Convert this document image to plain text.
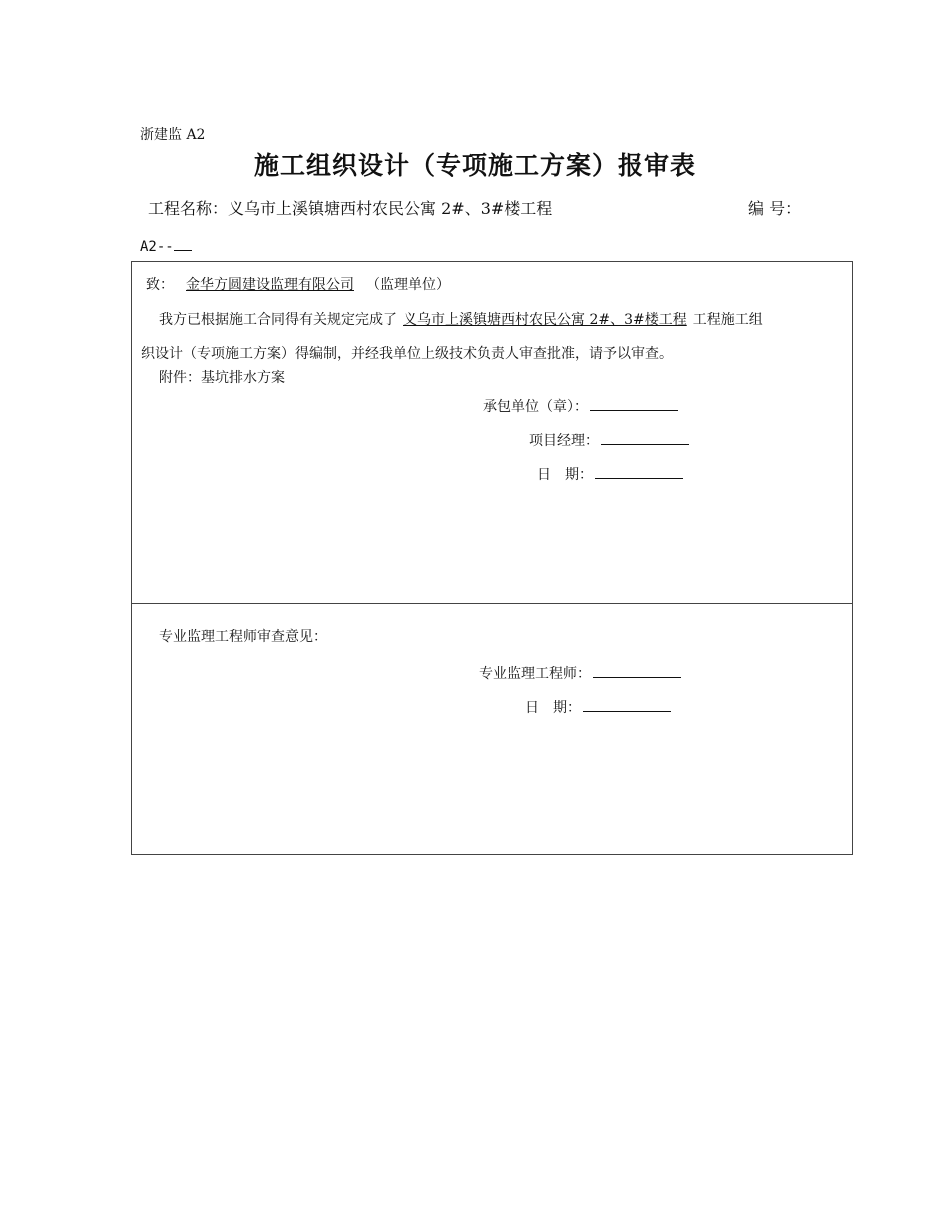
浙建监 A2
施工组织设计（专项施工方案）报审表
工程名称：义乌市上溪镇塘西村农民公寓 2#、3#楼工程	编 号：
A2--
致： 金华方圆建设监理有限公司 （监理单位）
我方已根据施工合同得有关规定完成了 义乌市上溪镇塘西村农民公寓 2#、3#楼工程 工程施工组
织设计（专项施工方案）得编制，并经我单位上级技术负责人审查批准，请予以审查。
附件：基坑排水方案
承包单位（章）：
项目经理：
日　期：
专业监理工程师审查意见：
专业监理工程师：
日　期：
